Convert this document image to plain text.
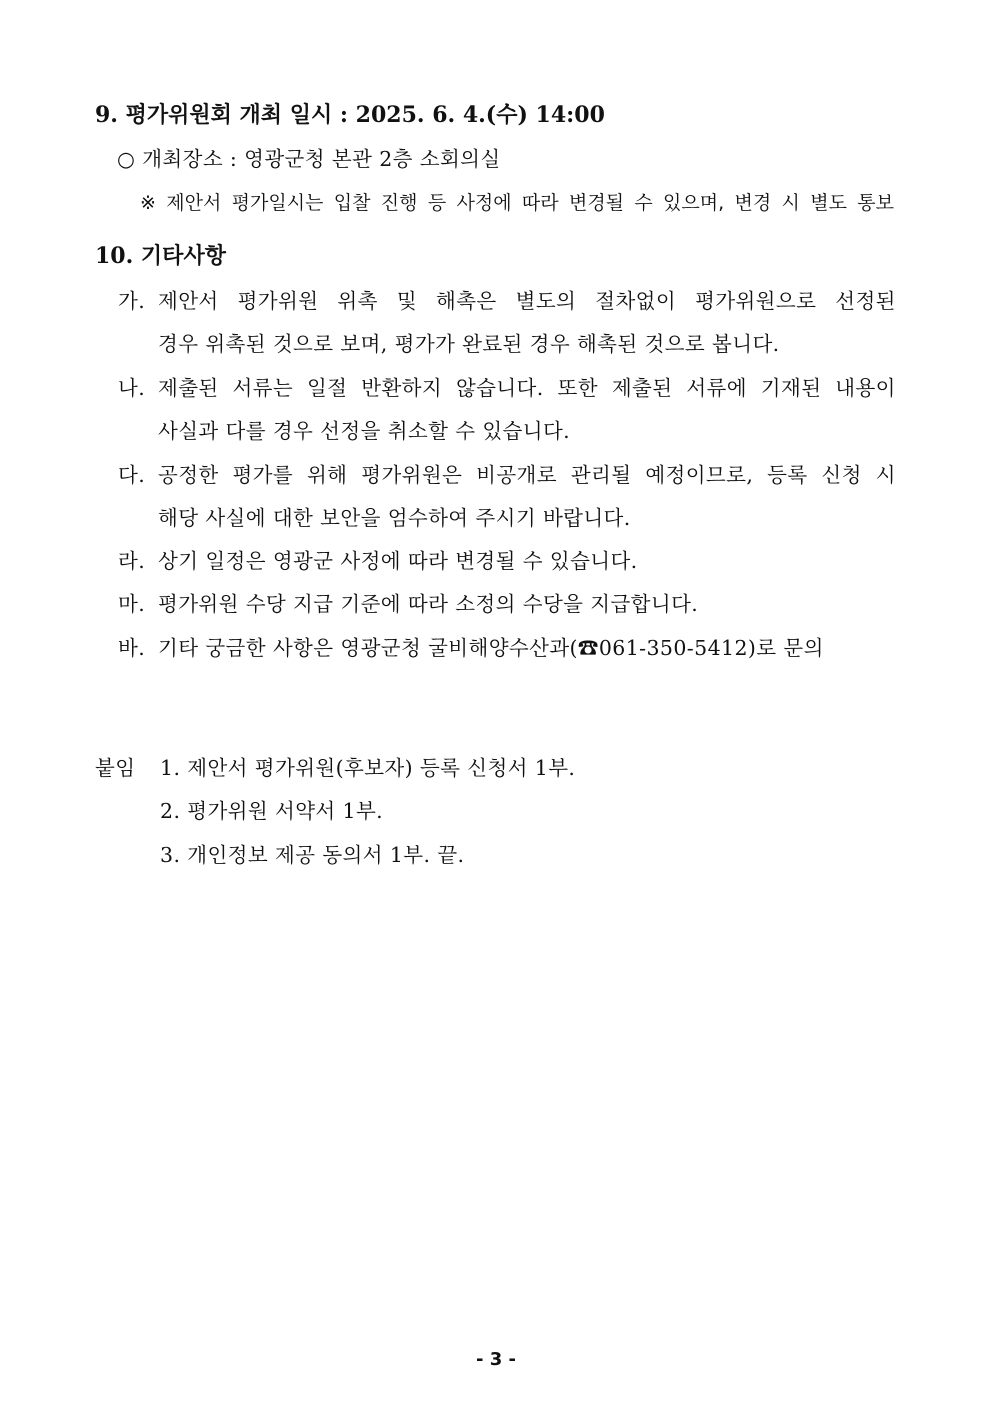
9. 평가위원회 개최 일시 : 2025. 6. 4.(수) 14:00
○ 개최장소 : 영광군청 본관 2층 소회의실
※ 제안서 평가일시는 입찰 진행 등 사정에 따라 변경될 수 있으며, 변경 시 별도 통보
10. 기타사항
가. 제안서 평가위원 위촉 및 해촉은 별도의 절차없이 평가위원으로 선정된
경우 위촉된 것으로 보며, 평가가 완료된 경우 해촉된 것으로 봅니다.
나. 제출된 서류는 일절 반환하지 않습니다. 또한 제출된 서류에 기재된 내용이
사실과 다를 경우 선정을 취소할 수 있습니다.
다. 공정한 평가를 위해 평가위원은 비공개로 관리될 예정이므로, 등록 신청 시
해당 사실에 대한 보안을 엄수하여 주시기 바랍니다.
라. 상기 일정은 영광군 사정에 따라 변경될 수 있습니다.
마. 평가위원 수당 지급 기준에 따라 소정의 수당을 지급합니다.
바. 기타 궁금한 사항은 영광군청 굴비해양수산과(☎061-350-5412)로 문의
붙임 1. 제안서 평가위원(후보자) 등록 신청서 1부.
2. 평가위원 서약서 1부.
3. 개인정보 제공 동의서 1부. 끝.
- 3 -
